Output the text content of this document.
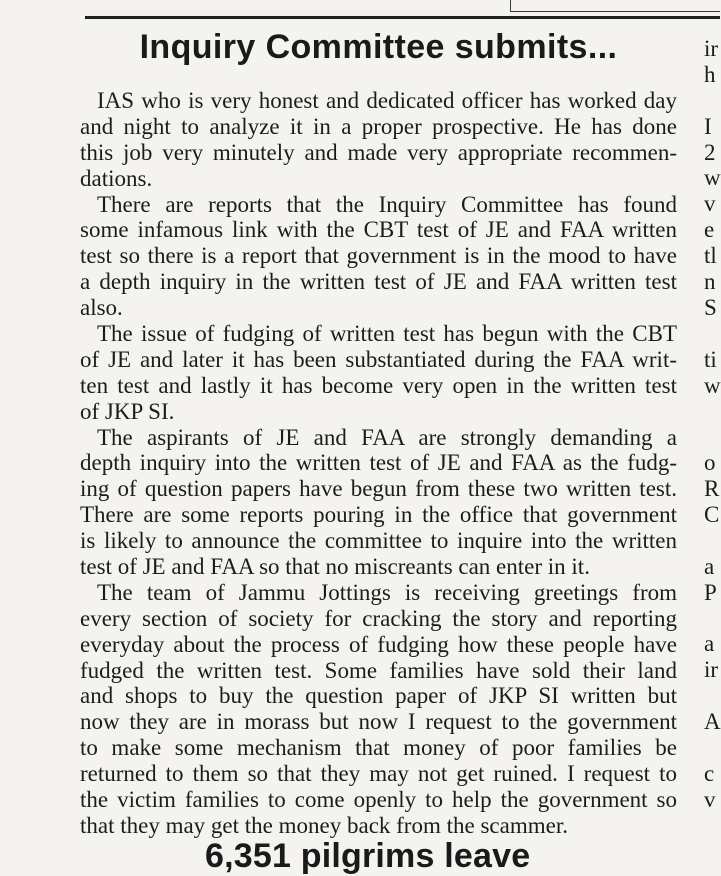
Inquiry Committee submits...
IAS who is very honest and dedicated officer has worked day
and night to analyze it in a proper prospective. He has done
this job very minutely and made very appropriate recommen-
dations.
There are reports that the Inquiry Committee has found
some infamous link with the CBT test of JE and FAA written
test so there is a report that government is in the mood to have
a depth inquiry in the written test of JE and FAA written test
also.
The issue of fudging of written test has begun with the CBT
of JE and later it has been substantiated during the FAA writ-
ten test and lastly it has become very open in the written test
of JKP SI.
The aspirants of JE and FAA are strongly demanding a
depth inquiry into the written test of JE and FAA as the fudg-
ing of question papers have begun from these two written test.
There are some reports pouring in the office that government
is likely to announce the committee to inquire into the written
test of JE and FAA so that no miscreants can enter in it.
The team of Jammu Jottings is receiving greetings from
every section of society for cracking the story and reporting
everyday about the process of fudging how these people have
fudged the written test. Some families have sold their land
and shops to buy the question paper of JKP SI written but
now they are in morass but now I request to the government
to make some mechanism that money of poor families be
returned to them so that they may not get ruined. I request to
the victim families to come openly to help the government so
that they may get the money back from the scammer.
ir
h
I
2
w
v
e
tl
n
S
ti
w
o
R
C
a
P
a
ir
A
c
v
6,351 pilgrims leave
